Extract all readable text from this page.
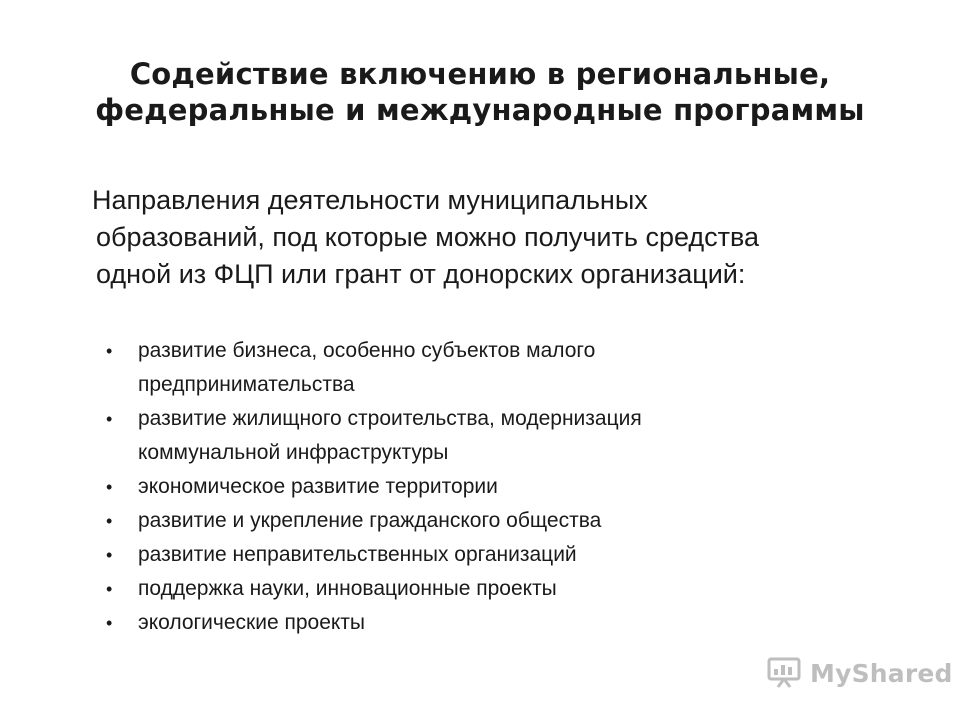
Содействие включению в региональные,
федеральные и международные программы

Направления деятельности муниципальных
образований, под которые можно получить средства
одной из ФЦП или грант от донорских организаций:

• развитие бизнеса, особенно субъектов малого
предпринимательства
• развитие жилищного строительства, модернизация
коммунальной инфраструктуры
• экономическое развитие территории
• развитие и укрепление гражданского общества
• развитие неправительственных организаций
• поддержка науки, инновационные проекты
• экологические проекты
MyShared
